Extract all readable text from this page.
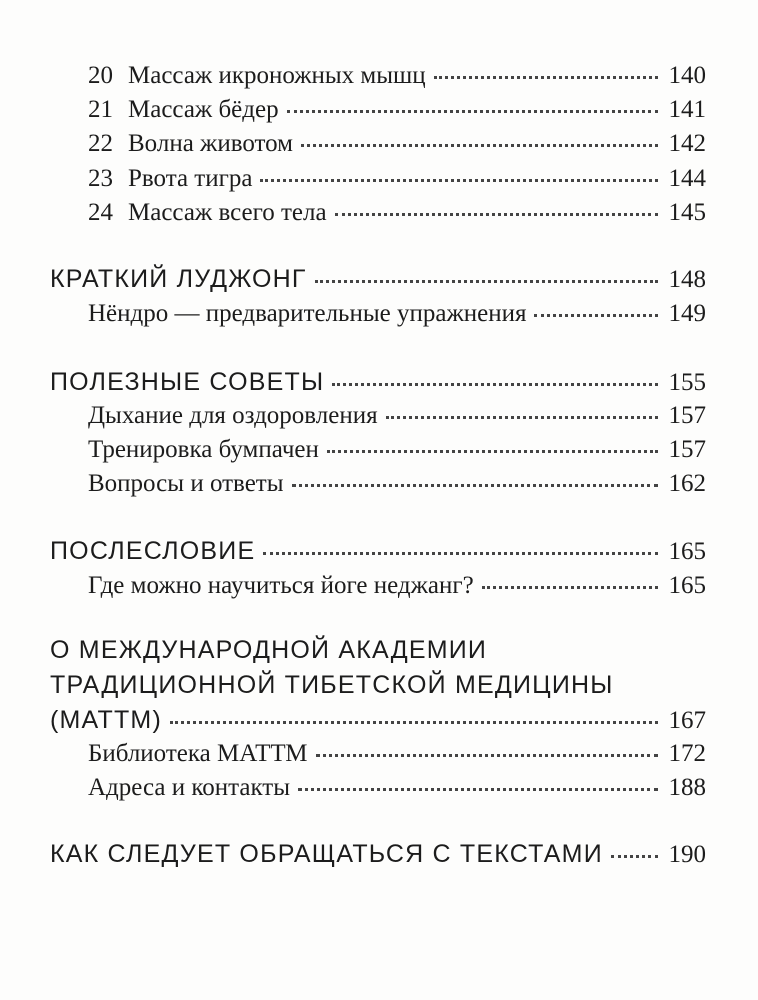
20 Массаж икроножных мышц	140
21 Массаж бёдер	141
22 Волна животом	142
23 Рвота тигра	144
24 Массаж всего тела	145
КРАТКИЙ ЛУДЖОНГ	148
Нёндро — предварительные упражнения	149
ПОЛЕЗНЫЕ СОВЕТЫ	155
Дыхание для оздоровления	157
Тренировка бумпачен	157
Вопросы и ответы	162
ПОСЛЕСЛОВИЕ	165
Где можно научиться йоге неджанг?	165
О МЕЖДУНАРОДНОЙ АКАДЕМИИ
ТРАДИЦИОННОЙ ТИБЕТСКОЙ МЕДИЦИНЫ
(МАТТМ)	167
Библиотека МАТТМ	172
Адреса и контакты	188
КАК СЛЕДУЕТ ОБРАЩАТЬСЯ С ТЕКСТАМИ	190
